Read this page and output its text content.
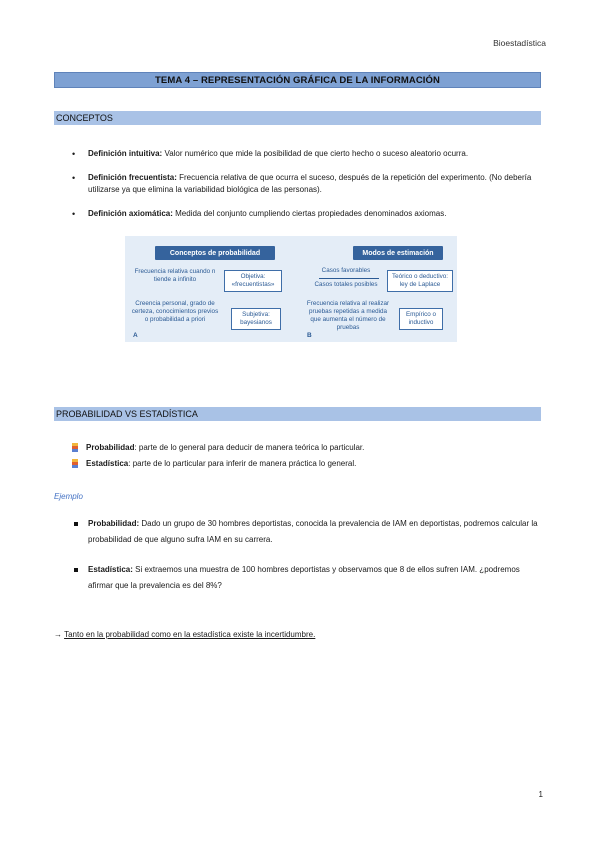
Bioestadística
TEMA 4 – REPRESENTACIÓN GRÁFICA DE LA INFORMACIÓN
CONCEPTOS
• Definición intuitiva: Valor numérico que mide la posibilidad de que cierto hecho o suceso aleatorio ocurra.
• Definición frecuentista: Frecuencia relativa de que ocurra el suceso, después de la repetición del experimento. (No debería utilizarse ya que elimina la variabilidad biológica de las personas).
• Definición axiomática: Medida del conjunto cumpliendo ciertas propiedades denominados axiomas.
Conceptos de probabilidad
Frecuencia relativa cuando n tiende a infinito	Objetiva: «frecuentistas»
Creencia personal, grado de certeza, conocimientos previos o probabilidad a priori
Subjetiva: bayesianos
A
Modos de estimación
Casos favorables
Casos totales posibles
Teórico o deductivo: ley de Laplace
Frecuencia relativa al realizar pruebas repetidas a medida que aumenta el número de pruebas
Empírico o inductivo
B
PROBABILIDAD VS ESTADÍSTICA
Probabilidad: parte de lo general para deducir de manera teórica lo particular.
Estadística: parte de lo particular para inferir de manera práctica lo general.
Ejemplo
Probabilidad: Dado un grupo de 30 hombres deportistas, conocida la prevalencia de IAM en deportistas, podremos calcular la probabilidad de que alguno sufra IAM en su carrera.
Estadística: Si extraemos una muestra de 100 hombres deportistas y observamos que 8 de ellos sufren IAM. ¿podremos afirmar que la prevalencia es del 8%?
→ Tanto en la probabilidad como en la estadística existe la incertidumbre.
1
